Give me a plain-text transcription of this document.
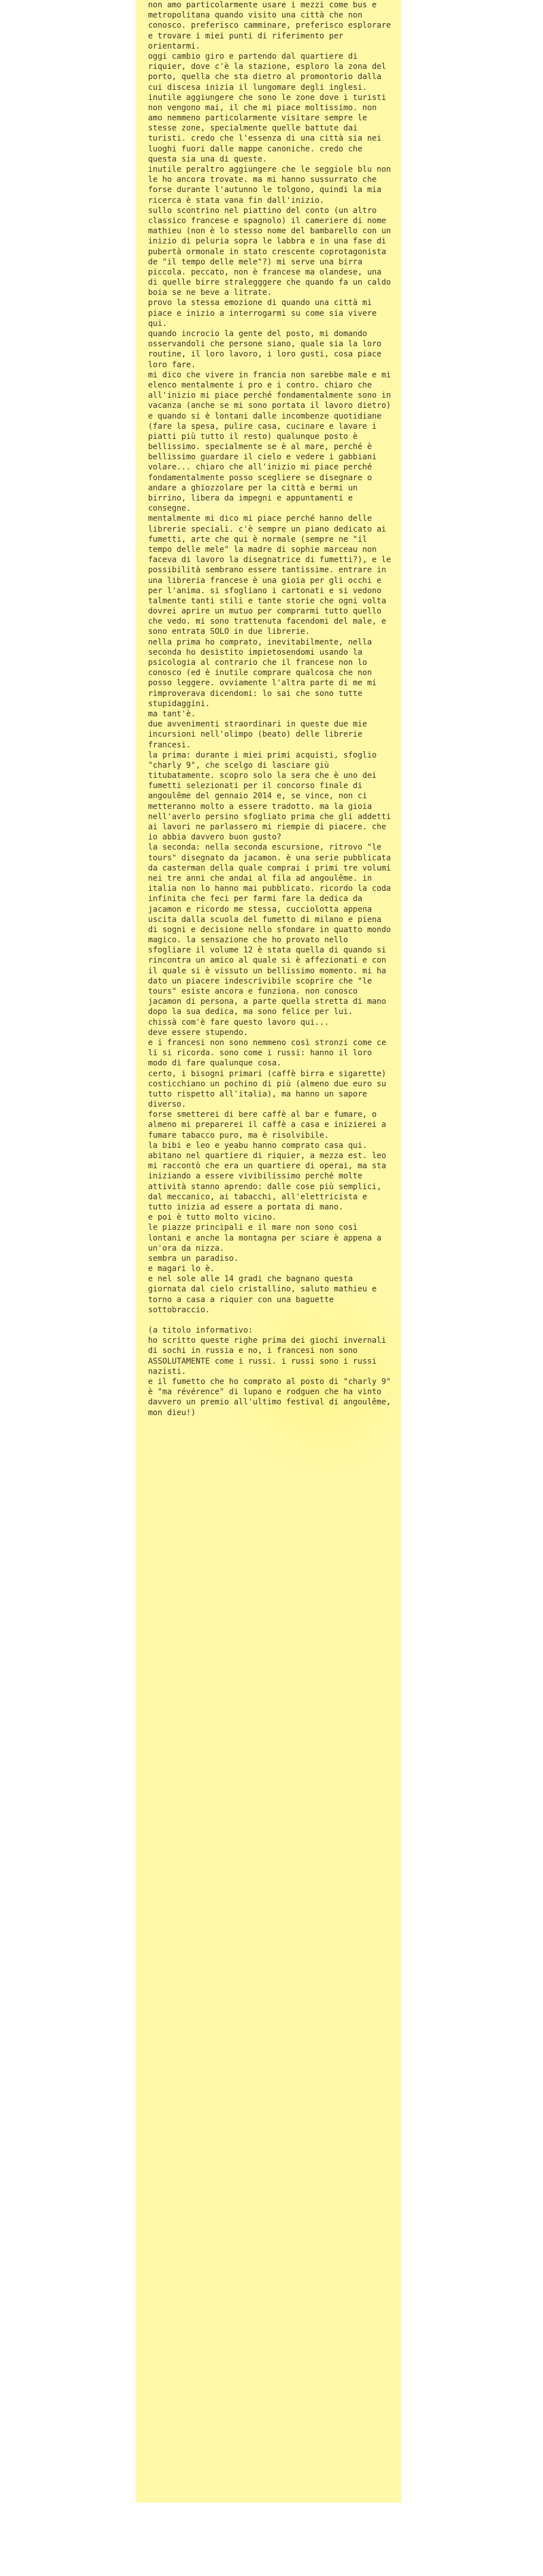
non amo particolarmente usare i mezzi come bus e metropolitana quando visito una città che non conosco. preferisco camminare, preferisco esplorare e trovare i miei punti di riferimento per orientarmi.

oggi cambio giro e partendo dal quartiere di riquier, dove c'è la stazione, esploro la zona del porto, quella che sta dietro al promontorio dalla cui discesa inizia il lungomare degli inglesi.

inutile aggiungere che sono le zone dove i turisti non vengono mai, il che mi piace moltissimo. non amo nemmeno particolarmente visitare sempre le stesse zone, specialmente quelle battute dai turisti. credo che l'essenza di una città sia nei luoghi fuori dalle mappe canoniche. credo che questa sia una di queste.

inutile peraltro aggiungere che le seggiole blu non le ho ancora trovate. ma mi hanno sussurrato che forse durante l'autunno le tolgono, quindi la mia ricerca è stata vana fin dall'inizio.

sullo scontrino nel piattino del conto (un altro classico francese e spagnolo) il cameriere di nome mathieu (non è lo stesso nome del bambarello con un inizio di peluria sopra le labbra e in una fase di pubertà ormonale in stato crescente coprotagonista de "il tempo delle mele"?) mi serve una birra piccola. peccato, non è francese ma olandese, una di quelle birre stralegggere che quando fa un caldo boia se ne beve a litrate.

provo la stessa emozione di quando una città mi piace e inizio a interrogarmi su come sia vivere qui.

quando incrocio la gente del posto, mi domando osservandoli che persone siano, quale sia la loro routine, il loro lavoro, i loro gusti, cosa piace loro fare.

mi dico che vivere in francia non sarebbe male e mi elenco mentalmente i pro e i contro. chiaro che all'inizio mi piace perché fondamentalmente sono in vacanza (anche se mi sono portata il lavoro dietro) e quando si è lontani dalle incombenze quotidiane (fare la spesa, pulire casa, cucinare e lavare i piatti più tutto il resto) qualunque posto è bellissimo. specialmente se è al mare, perché è bellissimo guardare il cielo e vedere i gabbiani volare... chiaro che all'inizio mi piace perché fondamentalmente posso scegliere se disegnare o andare a ghiozzolare per la città e bermi un birrino, libera da impegni e appuntamenti e consegne.

mentalmente mi dico mi piace perché hanno delle librerie speciali. c'è sempre un piano dedicato ai fumetti, arte che qui è normale (sempre ne "il tempo delle mele" la madre di sophie marceau non faceva di lavoro la disegnatrice di fumetti?), e le possibilità sembrano essere tantissime. entrare in una libreria francese è una gioia per gli occhi e per l'anima. si sfogliano i cartonati e si vedono talmente tanti stili e tante storie che ogni volta dovrei aprire un mutuo per comprarmi tutto quello che vedo. mi sono trattenuta facendomi del male, e sono entrata SOLO in due librerie.

nella prima ho comprato, inevitabilmente, nella seconda ho desistito impietosendomi usando la psicologia al contrario che il francese non lo conosco (ed è inutile comprare qualcosa che non posso leggere. ovviamente l'altra parte di me mi rimproverava dicendomi: lo sai che sono tutte stupidaggini.

ma tant'è.

due avvenimenti straordinari in queste due mie incursioni nell'olimpo (beato) delle librerie francesi.

la prima: durante i miei primi acquisti, sfoglio "charly 9", che scelgo di lasciare giù titubatamente. scopro solo la sera che è uno dei fumetti selezionati per il concorso finale di angoulême del gennaio 2014 e, se vince, non ci metteranno molto a essere tradotto. ma la gioia nell'averlo persino sfogliato prima che gli addetti ai lavori ne parlassero mi riempie di piacere. che io abbia davvero buon gusto?

la seconda: nella seconda escursione, ritrovo "le tours" disegnato da jacamon. è una serie pubblicata da casterman della quale comprai i primi tre volumi nei tre anni che andai al fila ad angoulême. in italia non lo hanno mai pubblicato. ricordo la coda infinita che feci per farmi fare la dedica da jacamon e ricordo me stessa, cucciolotta appena uscita dalla scuola del fumetto di milano e piena di sogni e decisione nello sfondare in quatto mondo magico. la sensazione che ho provato nello sfogliare il volume 12 è stata quella di quando si rincontra un amico al quale si è affezionati e con il quale si è vissuto un bellissimo momento. mi ha dato un piacere indescrivibile scoprire che "le tours" esiste ancora e funziona. non conosco jacamon di persona, a parte quella stretta di mano dopo la sua dedica, ma sono felice per lui.

chissà com'è fare questo lavoro qui...

deve essere stupendo.

e i francesi non sono nemmeno così stronzi come ce li si ricorda. sono come i russi: hanno il loro modo di fare qualunque cosa.

certo, i bisogni primari (caffè birra e sigarette) costicchiano un pochino di più (almeno due euro su tutto rispetto all'italia), ma hanno un sapore diverso.

forse smetterei di bere caffè al bar e fumare, o almeno mi preparerei il caffè a casa e inizierei a fumare tabacco puro, ma è risolvibile.

la bibi e leo e yeabu hanno comprato casa qui. abitano nel quartiere di riquier, a mezza est. leo mi raccontò che era un quartiere di operai, ma sta iniziando a essere vivibilissimo perché molte attività stanno aprendo: dalle cose più semplici, dal meccanico, ai tabacchi, all'elettricista e tutto inizia ad essere a portata di mano.

e poi è tutto molto vicino.

le piazze principali e il mare non sono così lontani e anche la montagna per sciare è appena a un'ora da nizza.

sembra un paradiso.

e magari lo è.

e nel sole alle 14 gradi che bagnano questa giornata dal cielo cristallino, saluto mathieu e torno a casa a riquier con una baguette sottobraccio.

(a titolo informativo:

ho scritto queste righe prima dei giochi invernali di sochi in russia e no, i francesi non sono ASSOLUTAMENTE come i russi. i russi sono i russi nazisti.

e il fumetto che ho comprato al posto di "charly 9" è "ma révérence" di lupano e rodguen che ha vinto davvero un premio all'ultimo festival di angoulême, mon dieu!)
